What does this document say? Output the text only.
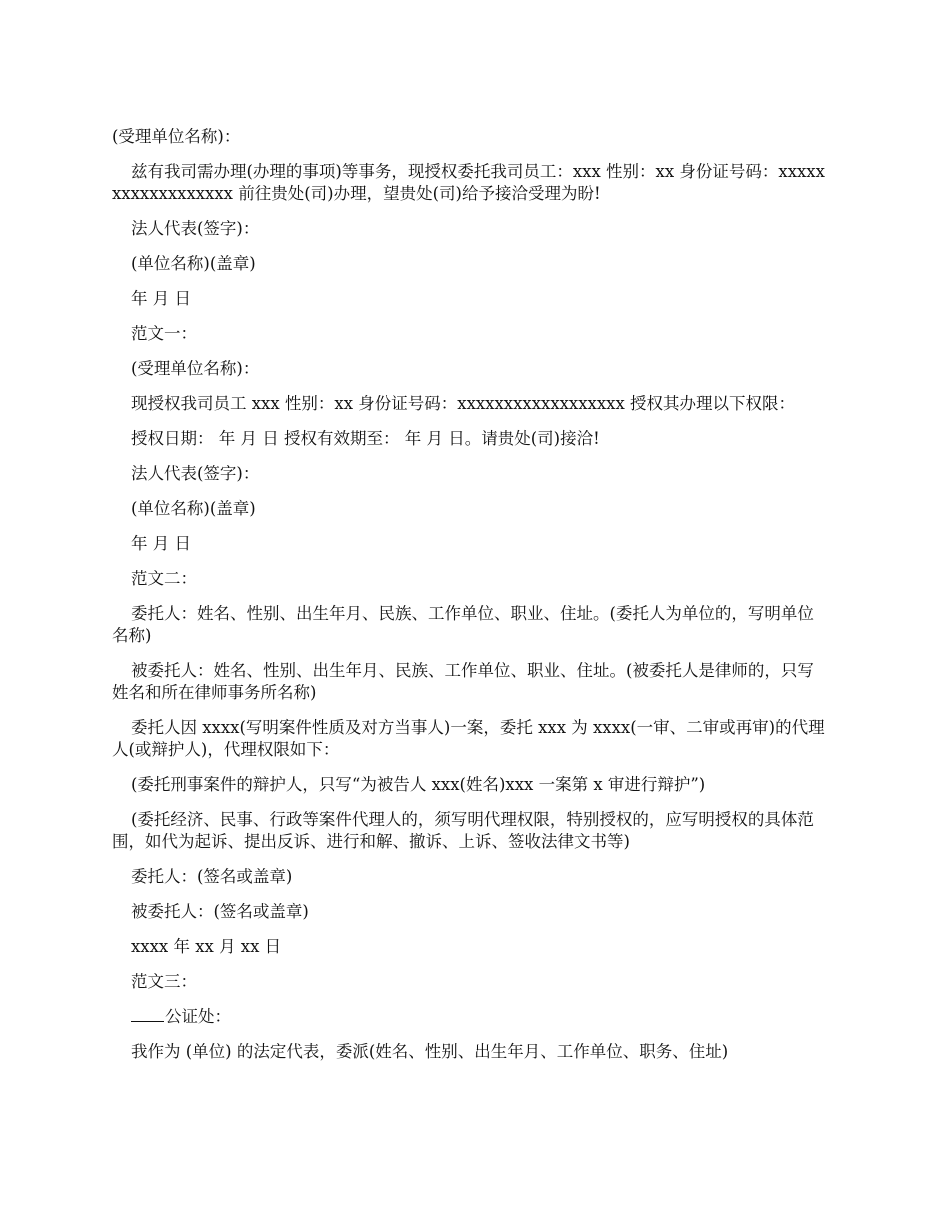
(受理单位名称)：

兹有我司需办理(办理的事项)等事务，现授权委托我司员工：xxx 性别：xx 身份证号码：xxxxxxxxxxxxxxxxxx 前往贵处(司)办理，望贵处(司)给予接洽受理为盼!

法人代表(签字)：

(单位名称)(盖章)

年 月 日

范文一：

(受理单位名称)：

现授权我司员工 xxx 性别：xx 身份证号码：xxxxxxxxxxxxxxxxxx 授权其办理以下权限：

授权日期： 年 月 日 授权有效期至： 年 月 日。请贵处(司)接洽!

法人代表(签字)：

(单位名称)(盖章)

年 月 日

范文二：

委托人：姓名、性别、出生年月、民族、工作单位、职业、住址。(委托人为单位的，写明单位名称)

被委托人：姓名、性别、出生年月、民族、工作单位、职业、住址。(被委托人是律师的，只写姓名和所在律师事务所名称)

委托人因 xxxx(写明案件性质及对方当事人)一案，委托 xxx 为 xxxx(一审、二审或再审)的代理人(或辩护人)，代理权限如下：

(委托刑事案件的辩护人，只写“为被告人 xxx(姓名)xxx 一案第 x 审进行辩护”)

(委托经济、民事、行政等案件代理人的，须写明代理权限，特别授权的，应写明授权的具体范围，如代为起诉、提出反诉、进行和解、撤诉、上诉、签收法律文书等)

委托人：(签名或盖章)

被委托人：(签名或盖章)

xxxx 年 xx 月 xx 日

范文三：

公证处：

我作为 (单位) 的法定代表，委派(姓名、性别、出生年月、工作单位、职务、住址)
